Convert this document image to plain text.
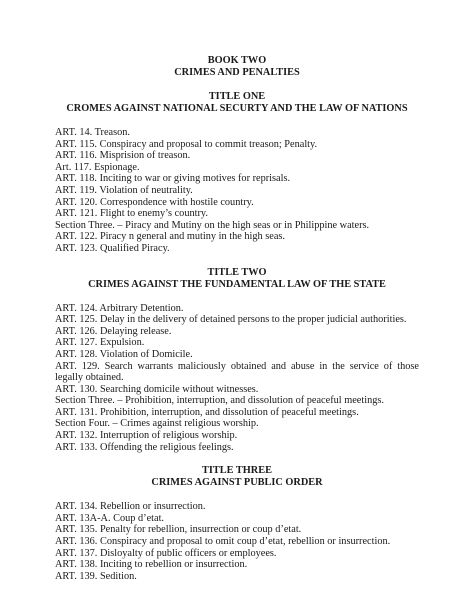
BOOK TWO
CRIMES AND PENALTIES
TITLE ONE
CROMES AGAINST NATIONAL SECURTY AND THE LAW OF NATIONS
ART. 14. Treason.
ART. 115. Conspiracy and proposal to commit treason; Penalty.
ART. 116. Misprision of treason.
Art. 117. Espionage.
ART. 118. Inciting to war or giving motives for reprisals.
ART. 119. Violation of neutrality.
ART. 120. Correspondence with hostile country.
ART. 121. Flight to enemy’s country.
Section Three. – Piracy and Mutiny on the high seas or in Philippine waters.
ART. 122. Piracy n general and mutiny in the high seas.
ART. 123. Qualified Piracy.
TITLE TWO
CRIMES AGAINST THE FUNDAMENTAL LAW OF THE STATE
ART. 124. Arbitrary Detention.
ART. 125. Delay in the delivery of detained persons to the proper judicial authorities.
ART. 126. Delaying release.
ART. 127. Expulsion.
ART. 128. Violation of Domicile.
ART. 129. Search warrants maliciously obtained and abuse in the service of those legally obtained.
ART. 130. Searching domicile without witnesses.
Section Three. – Prohibition, interruption, and dissolution of peaceful meetings.
ART. 131. Prohibition, interruption, and dissolution of peaceful meetings.
Section Four. – Crimes against religious worship.
ART. 132. Interruption of religious worship.
ART. 133. Offending the religious feelings.
TITLE THREE
CRIMES AGAINST PUBLIC ORDER
ART. 134. Rebellion or insurrection.
ART. 13A-A. Coup d’etat.
ART. 135. Penalty for rebellion, insurrection or coup d’etat.
ART. 136. Conspiracy and proposal to omit coup d’etat, rebellion or insurrection.
ART. 137. Disloyalty of public officers or employees.
ART. 138. Inciting to rebellion or insurrection.
ART. 139. Sedition.
